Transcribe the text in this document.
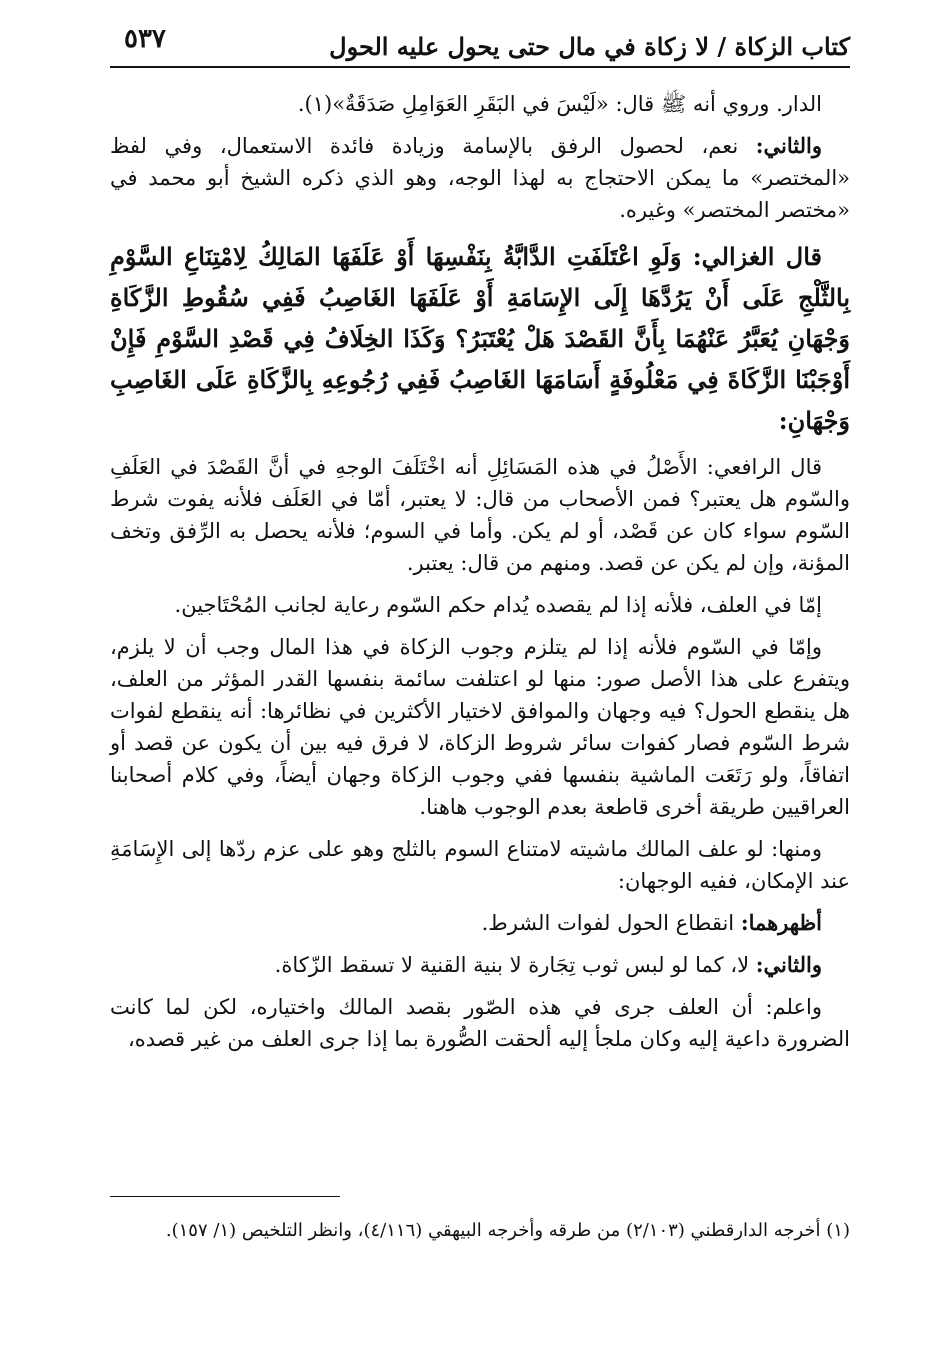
كتاب الزكاة / لا زكاة في مال حتى يحول عليه الحول
٥٣٧

الدار. وروي أنه ﷺ قال: «لَيْسَ في البَقَرِ العَوَامِلِ صَدَقَةٌ»(١).

والثاني: نعم، لحصول الرفق بالإسامة وزيادة فائدة الاستعمال، وفي لفظ «المختصر» ما يمكن الاحتجاج به لهذا الوجه، وهو الذي ذكره الشيخ أبو محمد في «مختصر المختصر» وغيره.

قال الغزالي: وَلَوِ اعْتَلَفَتِ الدَّابَّةُ بِنَفْسِهَا أَوْ عَلَفَهَا المَالِكُ لِامْتِنَاعِ السَّوْمِ بِالثَّلْجِ عَلَى أَنْ يَرُدَّهَا إِلَى الإِسَامَةِ أَوْ عَلَفَهَا الغَاصِبُ فَفِي سُقُوطِ الزَّكَاةِ وَجْهَانِ يُعَبَّرُ عَنْهُمَا بِأَنَّ القَصْدَ هَلْ يُعْتَبَرُ؟ وَكَذَا الخِلَافُ فِي قَصْدِ السَّوْمِ فَإِنْ أَوْجَبْنَا الزَّكَاةَ فِي مَعْلُوفَةٍ أَسَامَهَا الغَاصِبُ فَفِي رُجُوعِهِ بِالزَّكَاةِ عَلَى الغَاصِبِ وَجْهَانِ:

قال الرافعي: الأَصْلُ في هذه المَسَائِلِ أنه اخْتَلَفَ الوجهِ في أنَّ القَصْدَ في العَلَفِ والسّوم هل يعتبر؟ فمن الأصحاب من قال: لا يعتبر، أمّا في العَلَف فلأنه يفوت شرط السّوم سواء كان عن قَصْد، أو لم يكن. وأما في السوم؛ فلأنه يحصل به الرِّفق وتخف المؤنة، وإن لم يكن عن قصد. ومنهم من قال: يعتبر.

إمّا في العلف، فلأنه إذا لم يقصده يُدام حكم السّوم رعاية لجانب المُحْتَاجين.

وإمّا في السّوم فلأنه إذا لم يتلزم وجوب الزكاة في هذا المال وجب أن لا يلزم، ويتفرع على هذا الأصل صور: منها لو اعتلفت سائمة بنفسها القدر المؤثر من العلف، هل ينقطع الحول؟ فيه وجهان والموافق لاختيار الأكثرين في نظائرها: أنه ينقطع لفوات شرط السّوم فصار كفوات سائر شروط الزكاة، لا فرق فيه بين أن يكون عن قصد أو اتفاقاً، ولو رَتَعَت الماشية بنفسها ففي وجوب الزكاة وجهان أيضاً، وفي كلام أصحابنا العراقيين طريقة أخرى قاطعة بعدم الوجوب هاهنا.

ومنها: لو علف المالك ماشيته لامتناع السوم بالثلج وهو على عزم ردّها إلى الإِسَامَةِ عند الإمكان، ففيه الوجهان:

أظهرهما: انقطاع الحول لفوات الشرط.

والثاني: لا، كما لو لبس ثوب تِجَارة لا بنية القنية لا تسقط الزّكاة.

واعلم: أن العلف جرى في هذه الصّور بقصد المالك واختياره، لكن لما كانت الضرورة داعية إليه وكان ملجأ إليه ألحقت الصُّورة بما إذا جرى العلف من غير قصده،

(١) أخرجه الدارقطني (٢/١٠٣) من طرقه وأخرجه البيهقي (٤/١١٦)، وانظر التلخيص (١/ ١٥٧).
